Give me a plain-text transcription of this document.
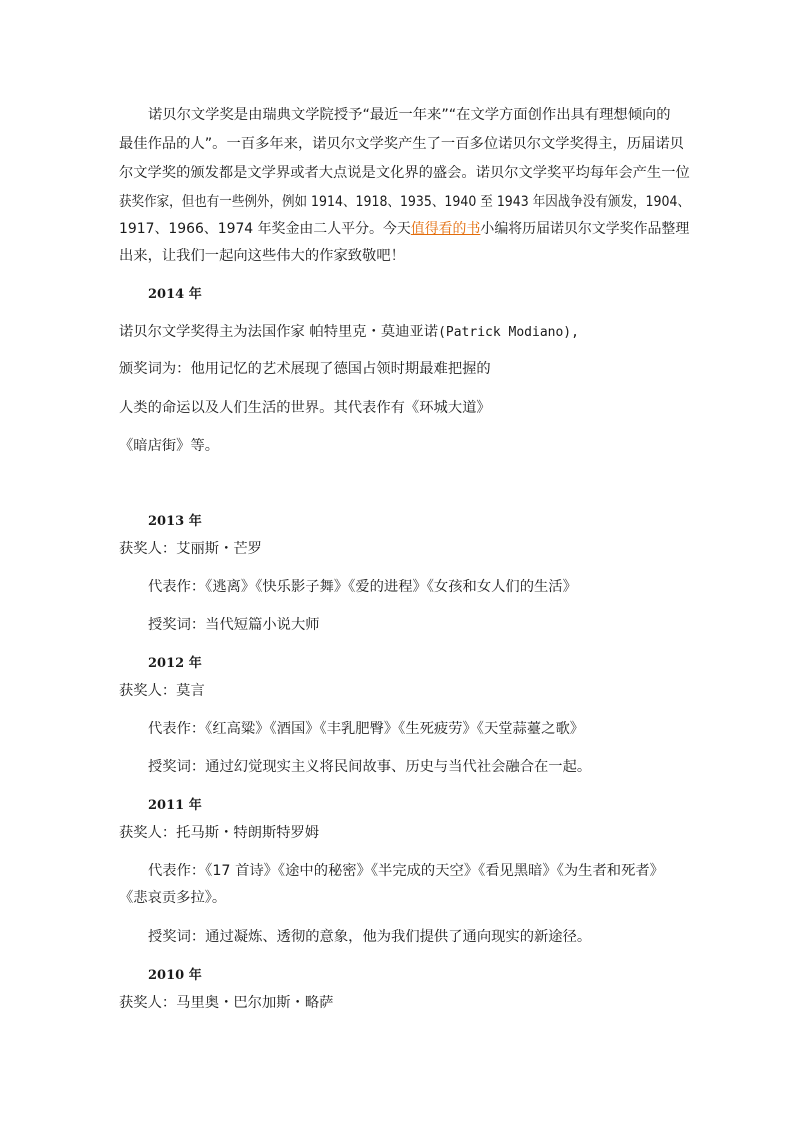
诺贝尔文学奖是由瑞典文学院授予“最近一年来”“在文学方面创作出具有理想倾向的
最佳作品的人”。一百多年来，诺贝尔文学奖产生了一百多位诺贝尔文学奖得主，历届诺贝
尔文学奖的颁发都是文学界或者大点说是文化界的盛会。诺贝尔文学奖平均每年会产生一位
获奖作家，但也有一些例外，例如 1914、1918、1935、1940 至 1943 年因战争没有颁发，1904、
1917、1966、1974 年奖金由二人平分。今天值得看的书小编将历届诺贝尔文学奖作品整理
出来，让我们一起向这些伟大的作家致敬吧！
2014 年
诺贝尔文学奖得主为法国作家 帕特里克・莫迪亚诺(Patrick Modiano),
颁奖词为：他用记忆的艺术展现了德国占领时期最难把握的
人类的命运以及人们生活的世界。其代表作有《环城大道》
《暗店街》等。
2013 年
获奖人：艾丽斯・芒罗
代表作：《逃离》《快乐影子舞》《爱的进程》《女孩和女人们的生活》
授奖词：当代短篇小说大师
2012 年
获奖人：莫言
代表作：《红高粱》《酒国》《丰乳肥臀》《生死疲劳》《天堂蒜薹之歌》
授奖词：通过幻觉现实主义将民间故事、历史与当代社会融合在一起。
2011 年
获奖人：托马斯・特朗斯特罗姆
代表作：《17 首诗》《途中的秘密》《半完成的天空》《看见黑暗》《为生者和死者》
《悲哀贡多拉》。
授奖词：通过凝炼、透彻的意象，他为我们提供了通向现实的新途径。
2010 年
获奖人：马里奥・巴尔加斯・略萨
